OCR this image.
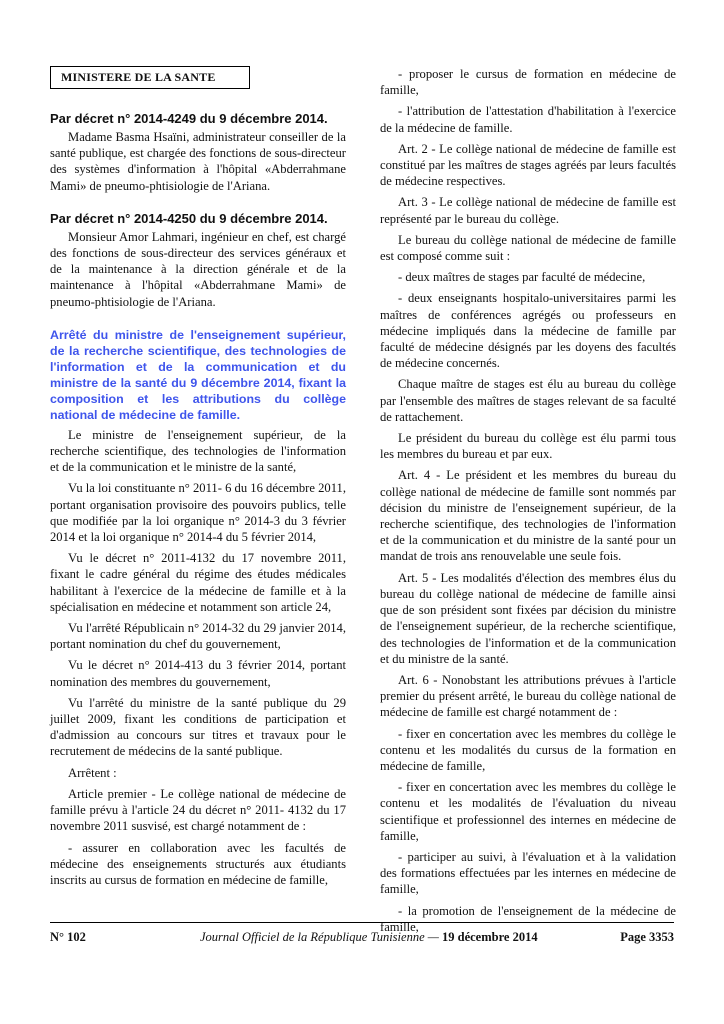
MINISTERE DE LA SANTE
Par décret n° 2014-4249 du 9 décembre 2014.
Madame Basma Hsaïni, administrateur conseiller de la santé publique, est chargée des fonctions de sous-directeur des systèmes d'information à l'hôpital «Abderrahmane Mami» de pneumo-phtisiologie de l'Ariana.
Par décret n° 2014-4250 du 9 décembre 2014.
Monsieur Amor Lahmari, ingénieur en chef, est chargé des fonctions de sous-directeur des services généraux et de la maintenance à la direction générale et de la maintenance à l'hôpital «Abderrahmane Mami» de pneumo-phtisiologie de l'Ariana.
Arrêté du ministre de l'enseignement supérieur, de la recherche scientifique, des technologies de l'information et de la communication et du ministre de la santé du 9 décembre 2014, fixant la composition et les attributions du collège national de médecine de famille.
Le ministre de l'enseignement supérieur, de la recherche scientifique, des technologies de l'information et de la communication et le ministre de la santé,
Vu la loi constituante n° 2011- 6 du 16 décembre 2011, portant organisation provisoire des pouvoirs publics, telle que modifiée par la loi organique n° 2014-3 du 3 février 2014 et la loi organique n° 2014-4 du 5 février 2014,
Vu le décret n° 2011-4132 du 17 novembre 2011, fixant le cadre général du régime des études médicales habilitant à l'exercice de la médecine de famille et à la spécialisation en médecine et notamment son article 24,
Vu l'arrêté Républicain n° 2014-32 du 29 janvier 2014, portant nomination du chef du gouvernement,
Vu le décret n° 2014-413 du 3 février 2014, portant nomination des membres du gouvernement,
Vu l'arrêté du ministre de la santé publique du 29 juillet 2009, fixant les conditions de participation et d'admission au concours sur titres et travaux pour le recrutement de médecins de la santé publique.
Arrêtent :
Article premier - Le collège national de médecine de famille prévu à l'article 24 du décret n° 2011- 4132 du 17 novembre 2011 susvisé, est chargé notamment de :
- assurer en collaboration avec les facultés de médecine des enseignements structurés aux étudiants inscrits au cursus de formation en médecine de famille,
- proposer le cursus de formation en médecine de famille,
- l'attribution de l'attestation d'habilitation à l'exercice de la médecine de famille.
Art. 2 - Le collège national de médecine de famille est constitué par les maîtres de stages agréés par leurs facultés de médecine respectives.
Art. 3 - Le collège national de médecine de famille est représenté par le bureau du collège.
Le bureau du collège national de médecine de famille est composé comme suit :
- deux maîtres de stages par faculté de médecine,
- deux enseignants hospitalo-universitaires parmi les maîtres de conférences agrégés ou professeurs en médecine impliqués dans la médecine de famille par faculté de médecine désignés par les doyens des facultés de médecine concernés.
Chaque maître de stages est élu au bureau du collège par l'ensemble des maîtres de stages relevant de sa faculté de rattachement.
Le président du bureau du collège est élu parmi tous les membres du bureau et par eux.
Art. 4 - Le président et les membres du bureau du collège national de médecine de famille sont nommés par décision du ministre de l'enseignement supérieur, de la recherche scientifique, des technologies de l'information et de la communication et du ministre de la santé pour un mandat de trois ans renouvelable une seule fois.
Art. 5 - Les modalités d'élection des membres élus du bureau du collège national de médecine de famille ainsi que de son président sont fixées par décision du ministre de l'enseignement supérieur, de la recherche scientifique, des technologies de l'information et de la communication et du ministre de la santé.
Art. 6 - Nonobstant les attributions prévues à l'article premier du présent arrêté, le bureau du collège national de médecine de famille est chargé notamment de :
- fixer en concertation avec les membres du collège le contenu et les modalités du cursus de la formation en médecine de famille,
- fixer en concertation avec les membres du collège le contenu et les modalités de l'évaluation du niveau scientifique et professionnel des internes en médecine de famille,
- participer au suivi, à l'évaluation et à la validation des formations effectuées par les internes en médecine de famille,
- la promotion de l'enseignement de la médecine de famille,
N° 102	Journal Officiel de la République Tunisienne — 19 décembre 2014	Page 3353
